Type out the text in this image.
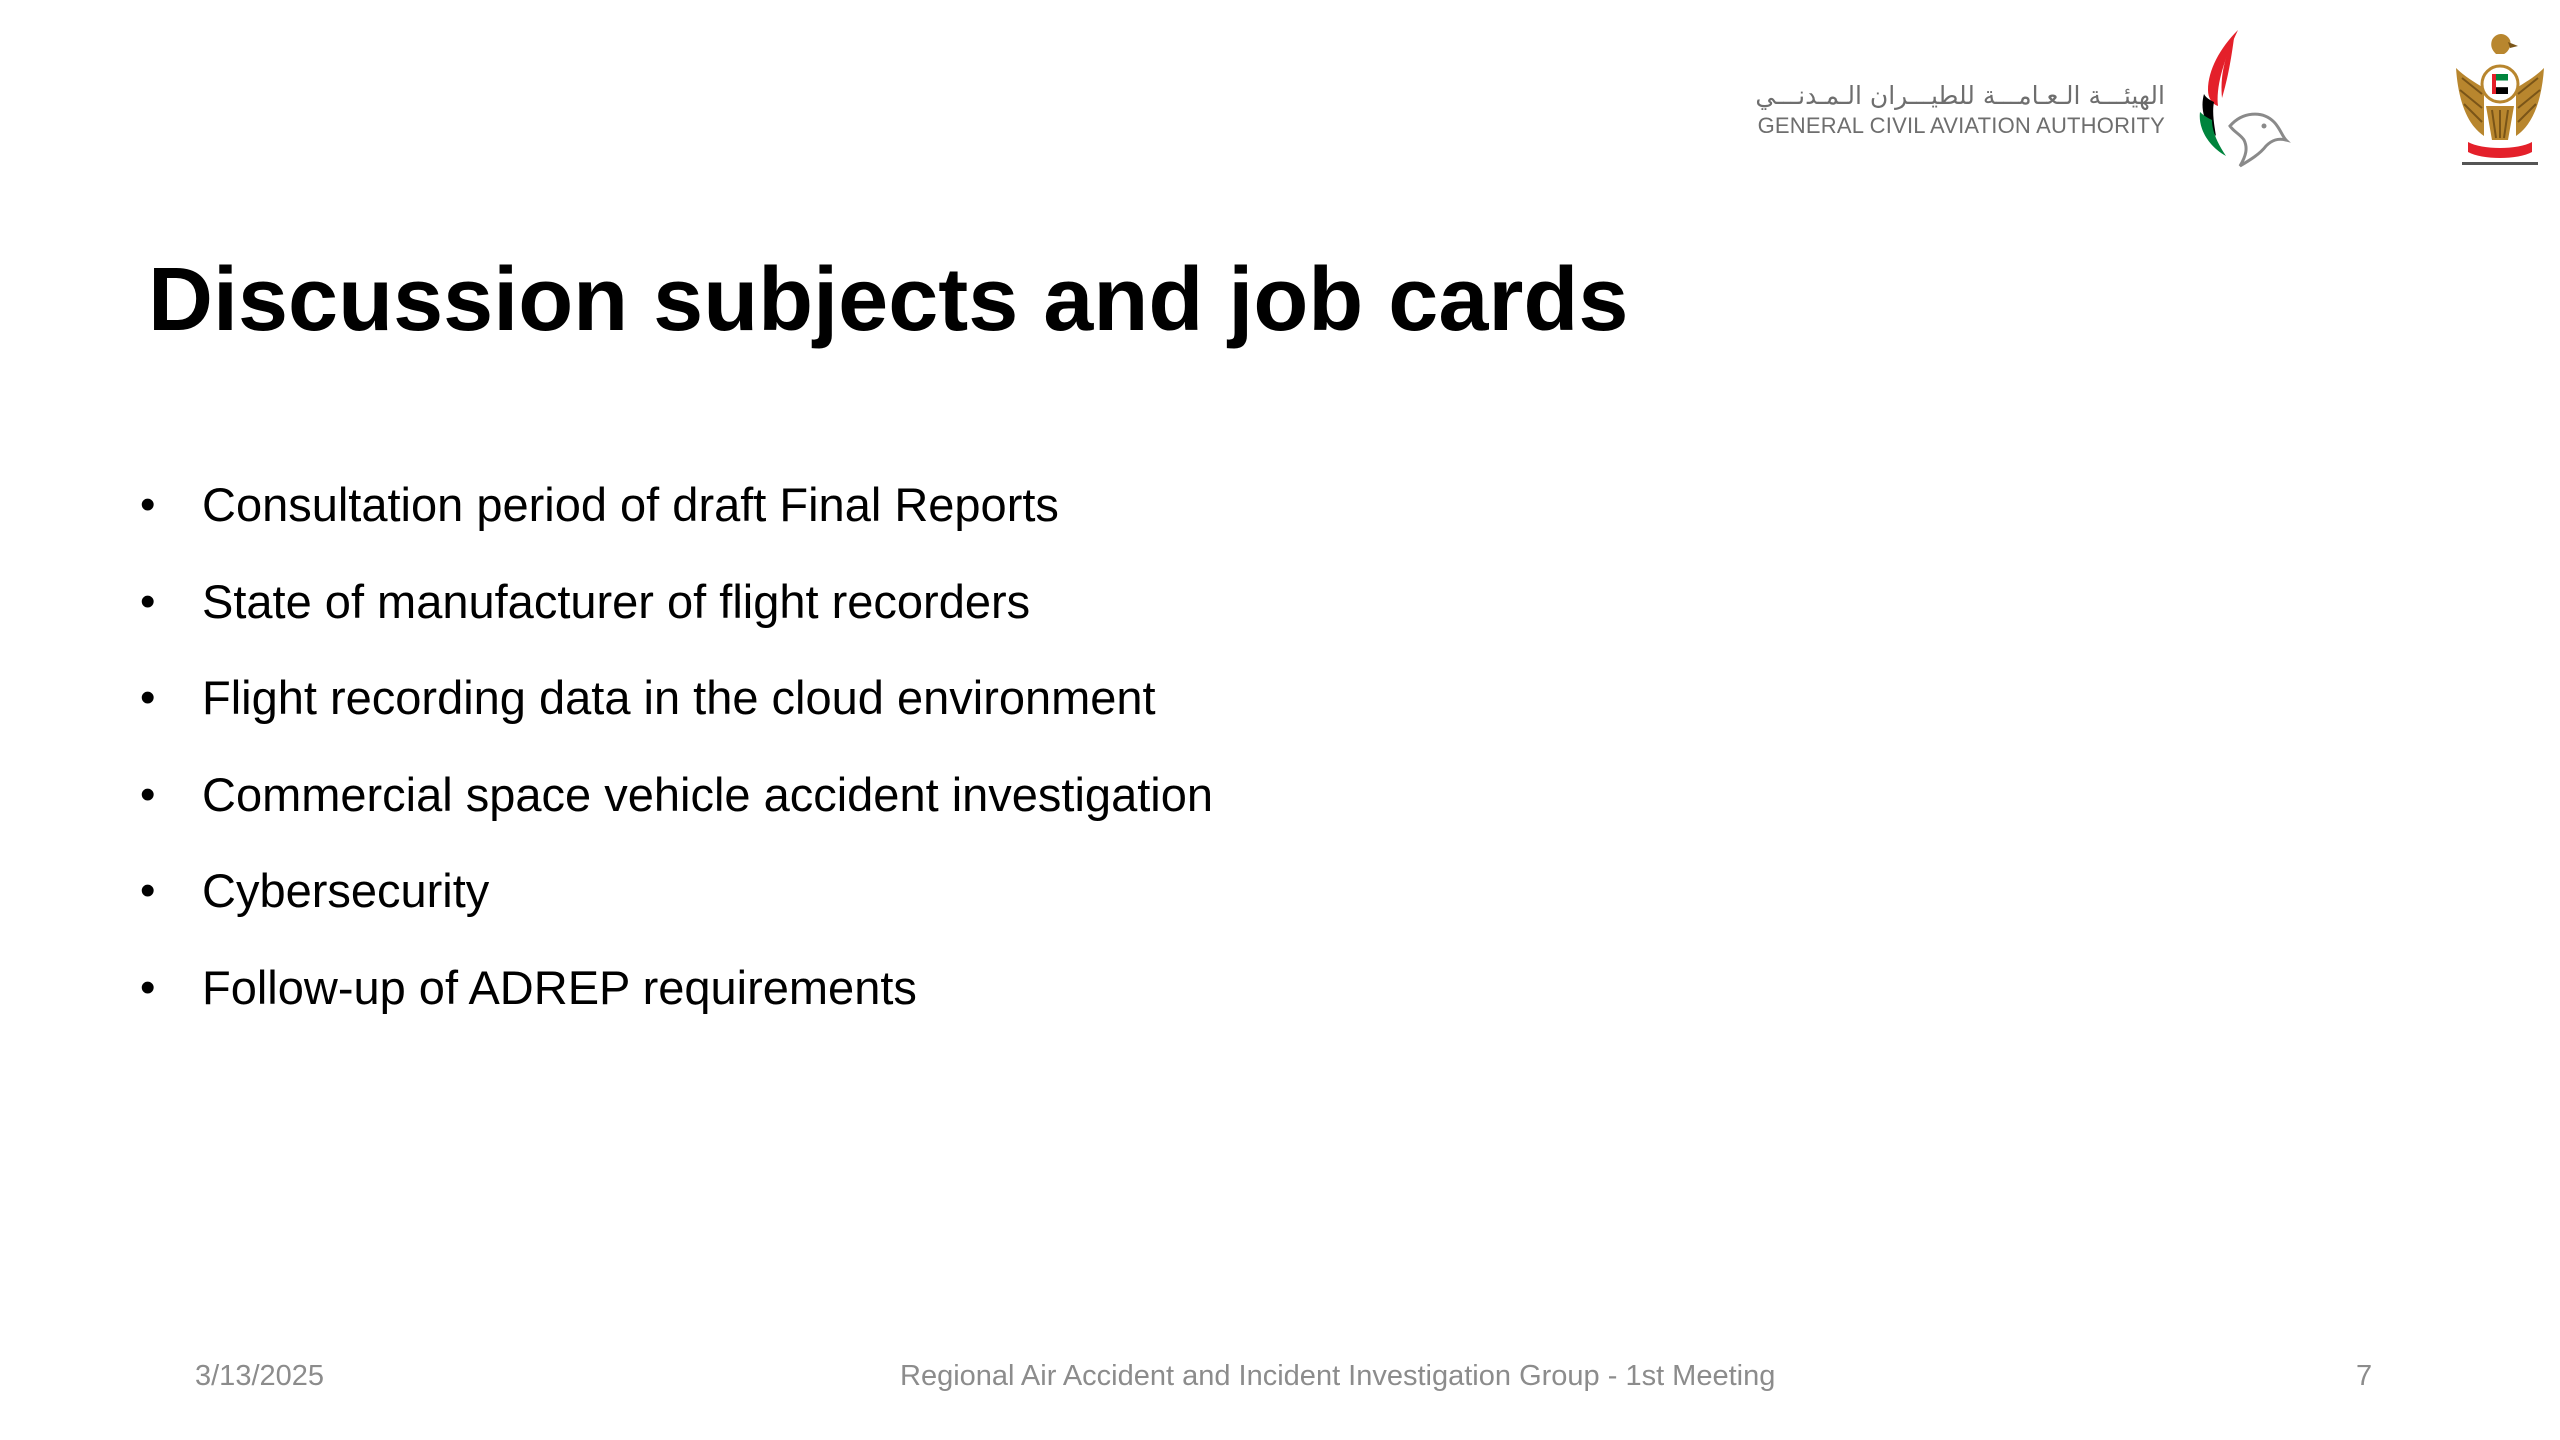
الهيئـــة الـعـامـــة للطيـــران الـمـدنـــي
GENERAL CIVIL AVIATION AUTHORITY
Discussion subjects and job cards
• Consultation period of draft Final Reports
• State of manufacturer of flight recorders
• Flight recording data in the cloud environment
• Commercial space vehicle accident investigation
• Cybersecurity
• Follow-up of ADREP requirements
3/13/2025	Regional Air Accident and Incident Investigation Group - 1st Meeting	7
